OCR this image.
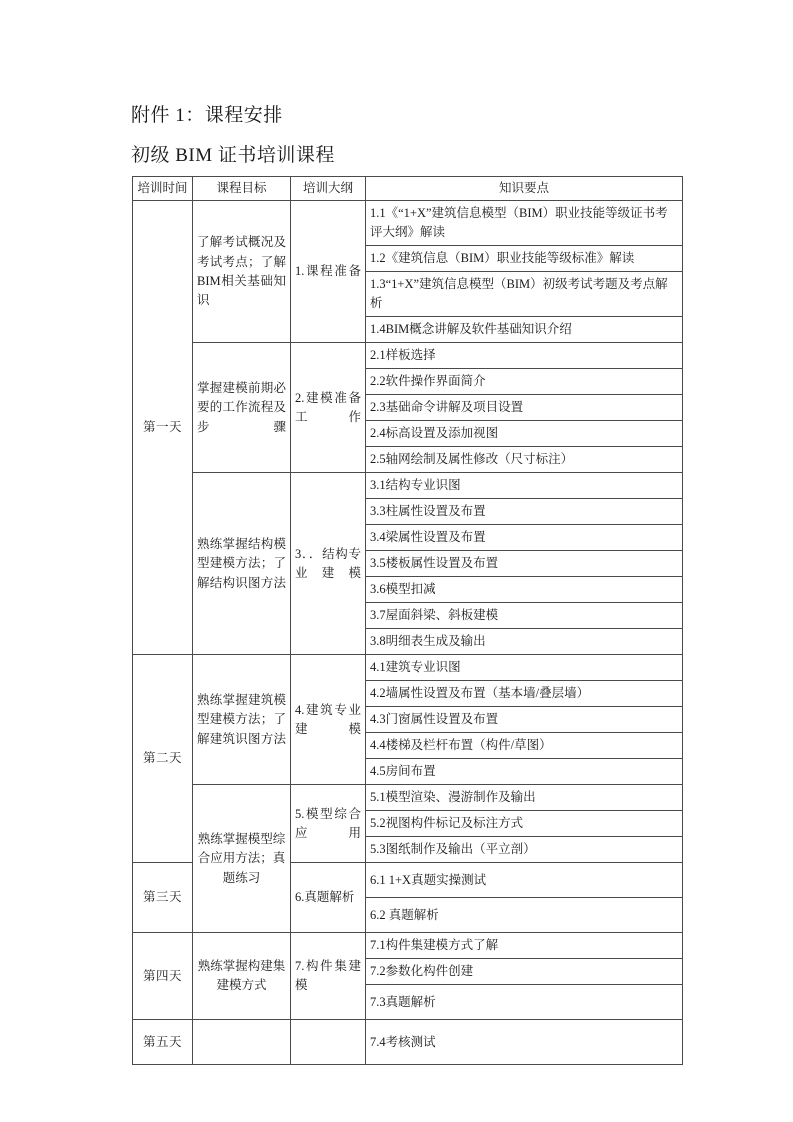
附件 1：课程安排
初级 BIM 证书培训课程
培训时间	课程目标	培训大纲	知识要点
第一天	了解考试概况及考试考点；了解BIM相关基础知识	1.课程准备	1.1《“1+X”建筑信息模型（BIM）职业技能等级证书考评大纲》解读
			1.2《建筑信息（BIM）职业技能等级标准》解读
			1.3“1+X”建筑信息模型（BIM）初级考试考题及考点解析
			1.4BIM概念讲解及软件基础知识介绍
	掌握建模前期必要的工作流程及步骤	2.建模准备工作	2.1样板选择
			2.2软件操作界面简介
			2.3基础命令讲解及项目设置
			2.4标高设置及添加视图
			2.5轴网绘制及属性修改（尺寸标注）
	熟练掌握结构模型建模方法；了解结构识图方法	3．．结构专业建模	3.1结构专业识图
			3.3柱属性设置及布置
			3.4梁属性设置及布置
			3.5楼板属性设置及布置
			3.6模型扣减
			3.7屋面斜梁、斜板建模
			3.8明细表生成及输出
第二天	熟练掌握建筑模型建模方法；了解建筑识图方法	4.建筑专业建模	4.1建筑专业识图
			4.2墙属性设置及布置（基本墙/叠层墙）
			4.3门窗属性设置及布置
			4.4楼梯及栏杆布置（构件/草图）
			4.5房间布置
	熟练掌握模型综合应用方法；真题练习	5.模型综合应用	5.1模型渲染、漫游制作及输出
			5.2视图构件标记及标注方式
			5.3图纸制作及输出（平立剖）
第三天		6.真题解析	6.1 1+X真题实操测试
			6.2 真题解析
第四天	熟练掌握构建集建模方式	7.构件集建模	7.1构件集建模方式了解
			7.2参数化构件创建
			7.3真题解析
第五天			7.4考核测试
